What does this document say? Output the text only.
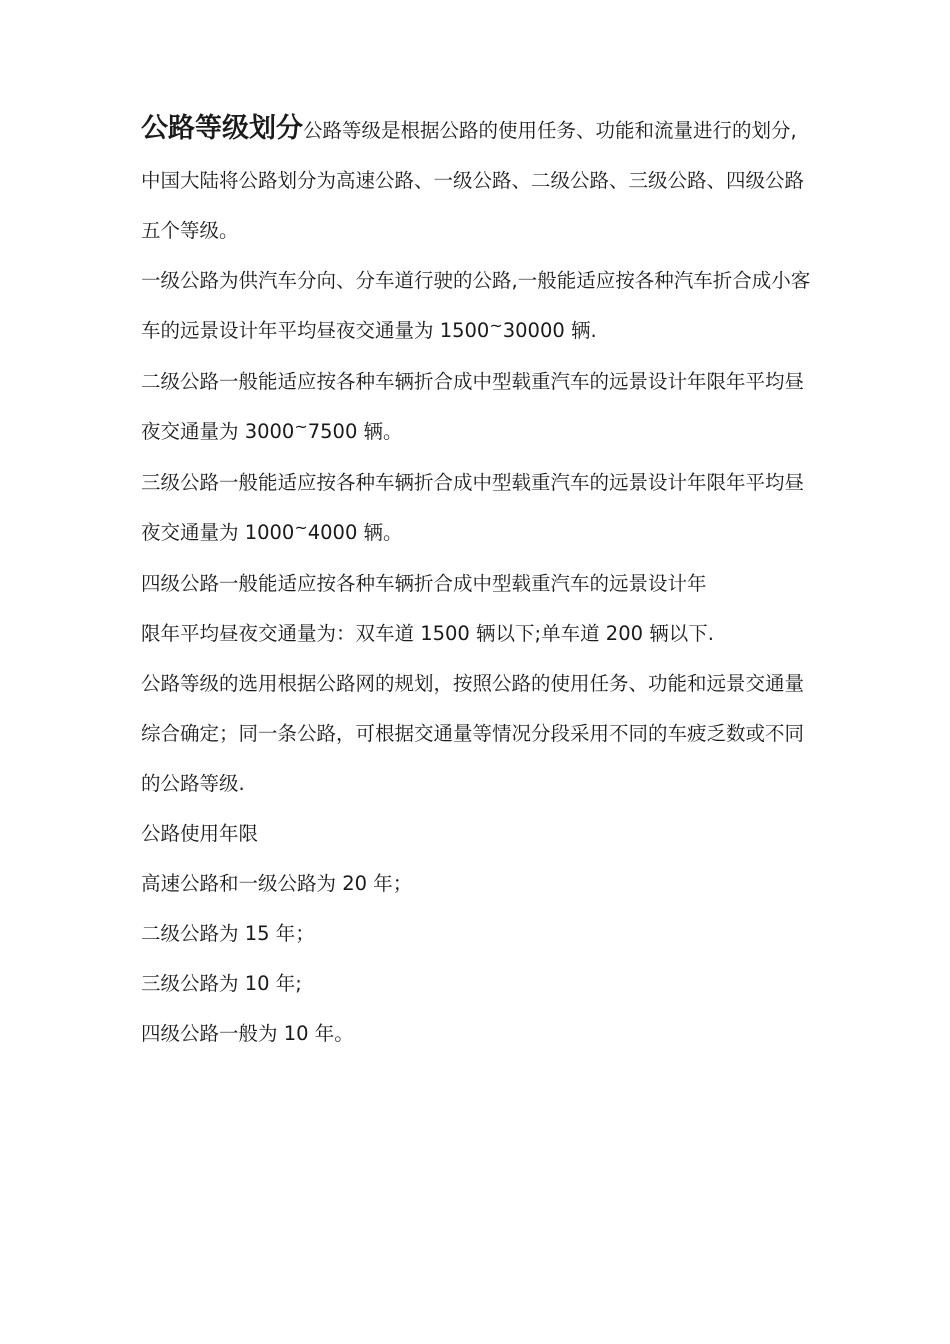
公路等级划分公路等级是根据公路的使用任务、功能和流量进行的划分,中国大陆将公路划分为高速公路、一级公路、二级公路、三级公路、四级公路五个等级。

一级公路为供汽车分向、分车道行驶的公路,一般能适应按各种汽车折合成小客车的远景设计年平均昼夜交通量为 1500~30000 辆.

二级公路一般能适应按各种车辆折合成中型载重汽车的远景设计年限年平均昼夜交通量为 3000~7500 辆。

三级公路一般能适应按各种车辆折合成中型载重汽车的远景设计年限年平均昼夜交通量为 1000~4000 辆。

四级公路一般能适应按各种车辆折合成中型载重汽车的远景设计年

限年平均昼夜交通量为：双车道 1500 辆以下;单车道 200 辆以下.

公路等级的选用根据公路网的规划，按照公路的使用任务、功能和远景交通量综合确定；同一条公路，可根据交通量等情况分段采用不同的车疲乏数或不同的公路等级.

公路使用年限

高速公路和一级公路为 20 年；

二级公路为 15 年；

三级公路为 10 年;

四级公路一般为 10 年。
